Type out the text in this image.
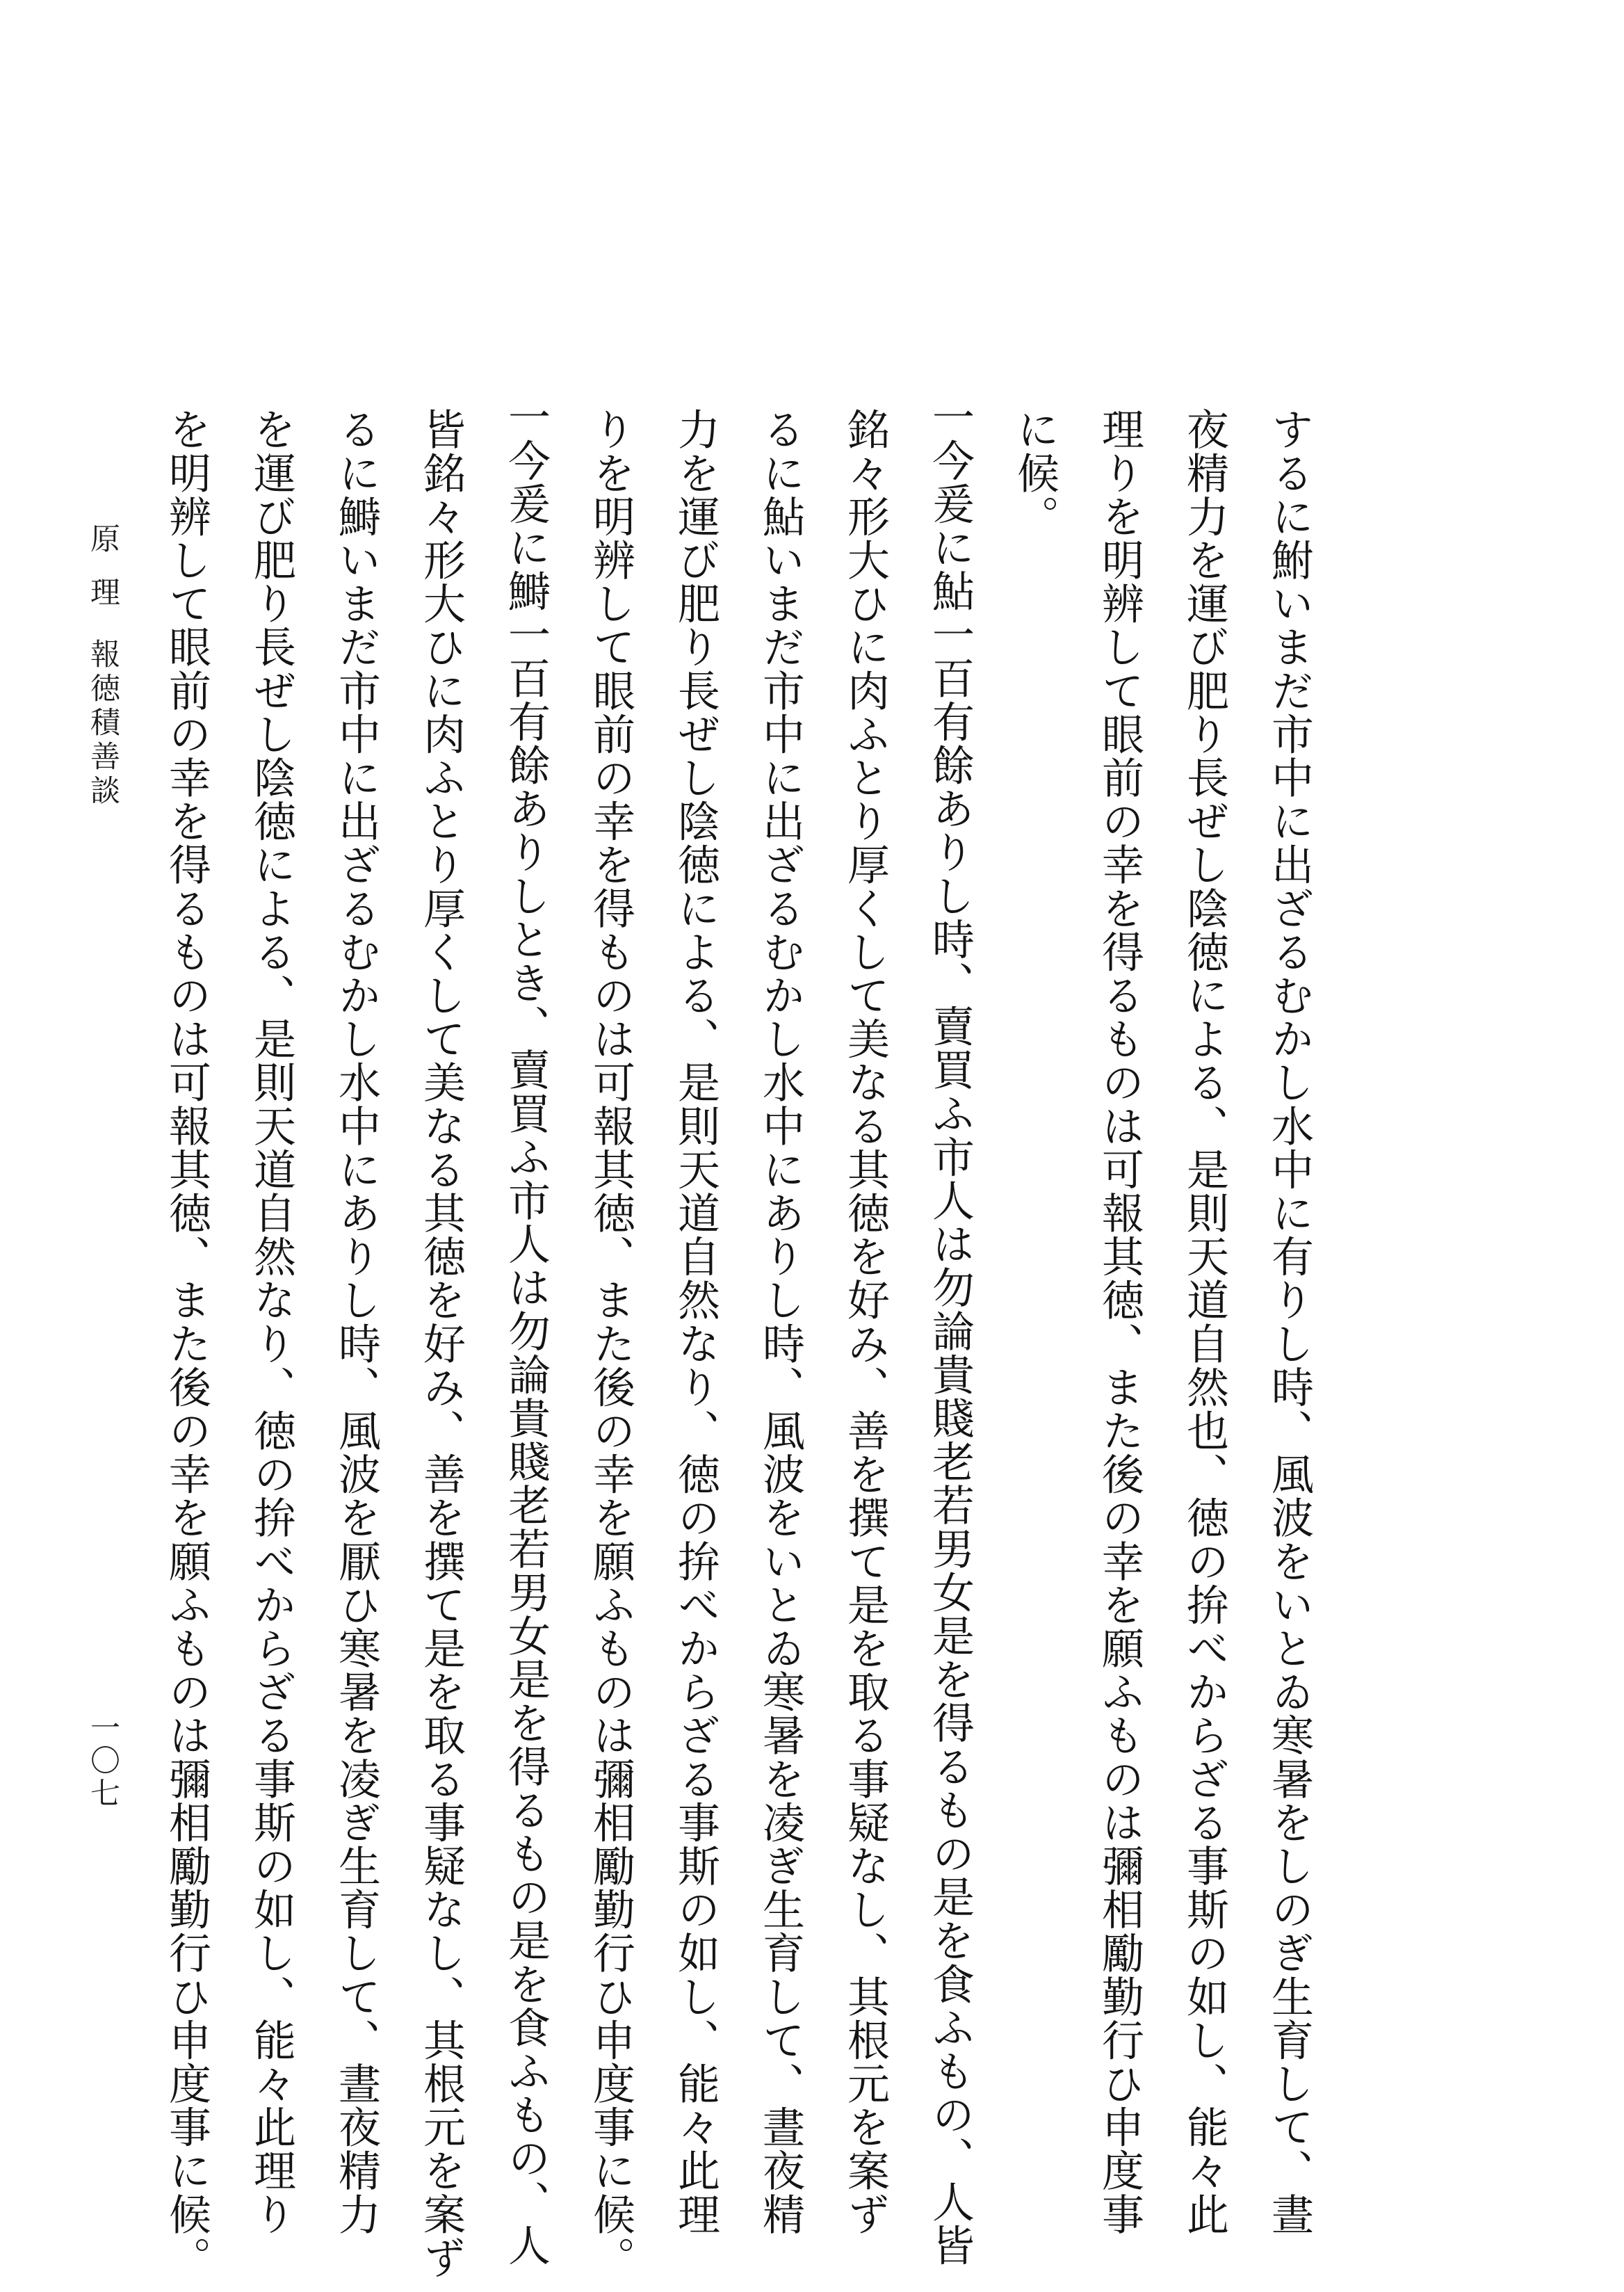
するに鮒いまだ市中に出ざるむかし水中に有りし時、風波をいとゐ寒暑をしのぎ生育して、晝
夜精力を運び肥り長ぜし陰徳による、是則天道自然也、徳の拚べからざる事斯の如し、能々此
理りを明辨して眼前の幸を得るものは可報其徳、また後の幸を願ふものは彌相勵勤行ひ申度事
に候。
一今爰に鮎一百有餘ありし時、賣買ふ市人は勿論貴賤老若男女是を得るもの是を食ふもの、人皆
銘々形大ひに肉ふとり厚くして美なる其徳を好み、善を撰て是を取る事疑なし、其根元を案ず
るに鮎いまだ市中に出ざるむかし水中にありし時、風波をいとゐ寒暑を凌ぎ生育して、晝夜精
力を運び肥り長ぜし陰徳による、是則天道自然なり、徳の拚べからざる事斯の如し、能々此理
りを明辨して眼前の幸を得ものは可報其徳、また後の幸を願ふものは彌相勵勤行ひ申度事に候。
一今爰に鰣一百有餘ありしとき、賣買ふ市人は勿論貴賤老若男女是を得るもの是を食ふもの、人
皆銘々形大ひに肉ふとり厚くして美なる其徳を好み、善を撰て是を取る事疑なし、其根元を案ず
るに鰣いまだ市中に出ざるむかし水中にありし時、風波を厭ひ寒暑を凌ぎ生育して、晝夜精力
を運び肥り長ぜし陰徳による、是則天道自然なり、徳の拚べからざる事斯の如し、能々此理り
を明辨して眼前の幸を得るものは可報其徳、また後の幸を願ふものは彌相勵勤行ひ申度事に候。
原理
報徳積善談
一〇七
